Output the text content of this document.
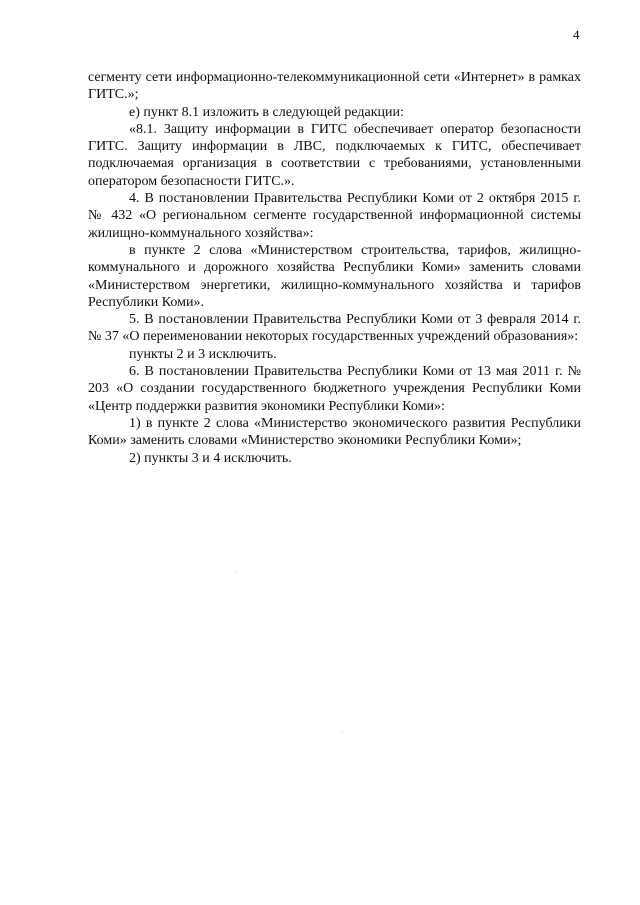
4

сегменту сети информационно-телекоммуникационной сети «Интернет» в рамках ГИТС.»;

е) пункт 8.1 изложить в следующей редакции:

«8.1. Защиту информации в ГИТС обеспечивает оператор безопасности ГИТС. Защиту информации в ЛВС, подключаемых к ГИТС, обеспечивает подключаемая организация в соответствии с требованиями, установленными оператором безопасности ГИТС.».

4. В постановлении Правительства Республики Коми от 2 октября 2015 г. № 432 «О региональном сегменте государственной информационной системы жилищно-коммунального хозяйства»:

в пункте 2 слова «Министерством строительства, тарифов, жилищно-коммунального и дорожного хозяйства Республики Коми» заменить словами «Министерством энергетики, жилищно-коммунального хозяйства и тарифов Республики Коми».

5. В постановлении Правительства Республики Коми от 3 февраля 2014 г. № 37 «О переименовании некоторых государственных учреждений образования»:

пункты 2 и 3 исключить.

6. В постановлении Правительства Республики Коми от 13 мая 2011 г. № 203 «О создании государственного бюджетного учреждения Республики Коми «Центр поддержки развития экономики Республики Коми»:

1) в пункте 2 слова «Министерство экономического развития Республики Коми» заменить словами «Министерство экономики Республики Коми»;

2) пункты 3 и 4 исключить.
